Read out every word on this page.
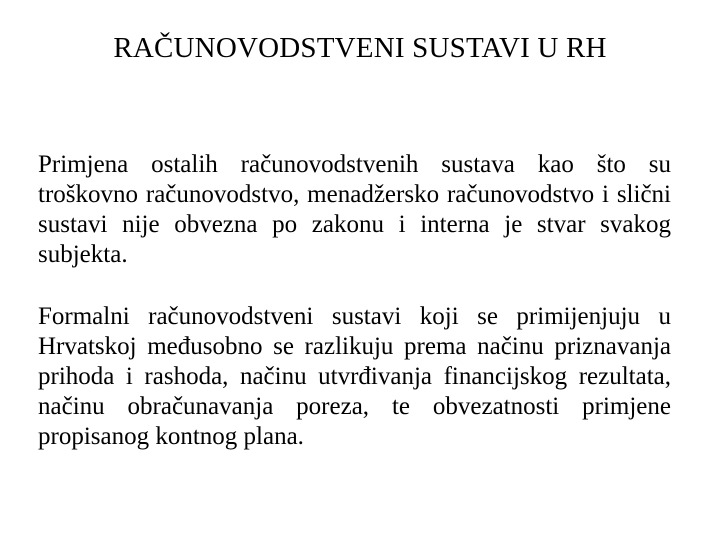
RAČUNOVODSTVENI SUSTAVI U RH

Primjena ostalih računovodstvenih sustava kao što su troškovno računovodstvo, menadžersko računovodstvo i slični sustavi nije obvezna po zakonu i interna je stvar svakog subjekta.

Formalni računovodstveni sustavi koji se primijenjuju u Hrvatskoj međusobno se razlikuju prema načinu priznavanja prihoda i rashoda, načinu utvrđivanja financijskog rezultata, načinu obračunavanja poreza, te obvezatnosti primjene propisanog kontnog plana.
